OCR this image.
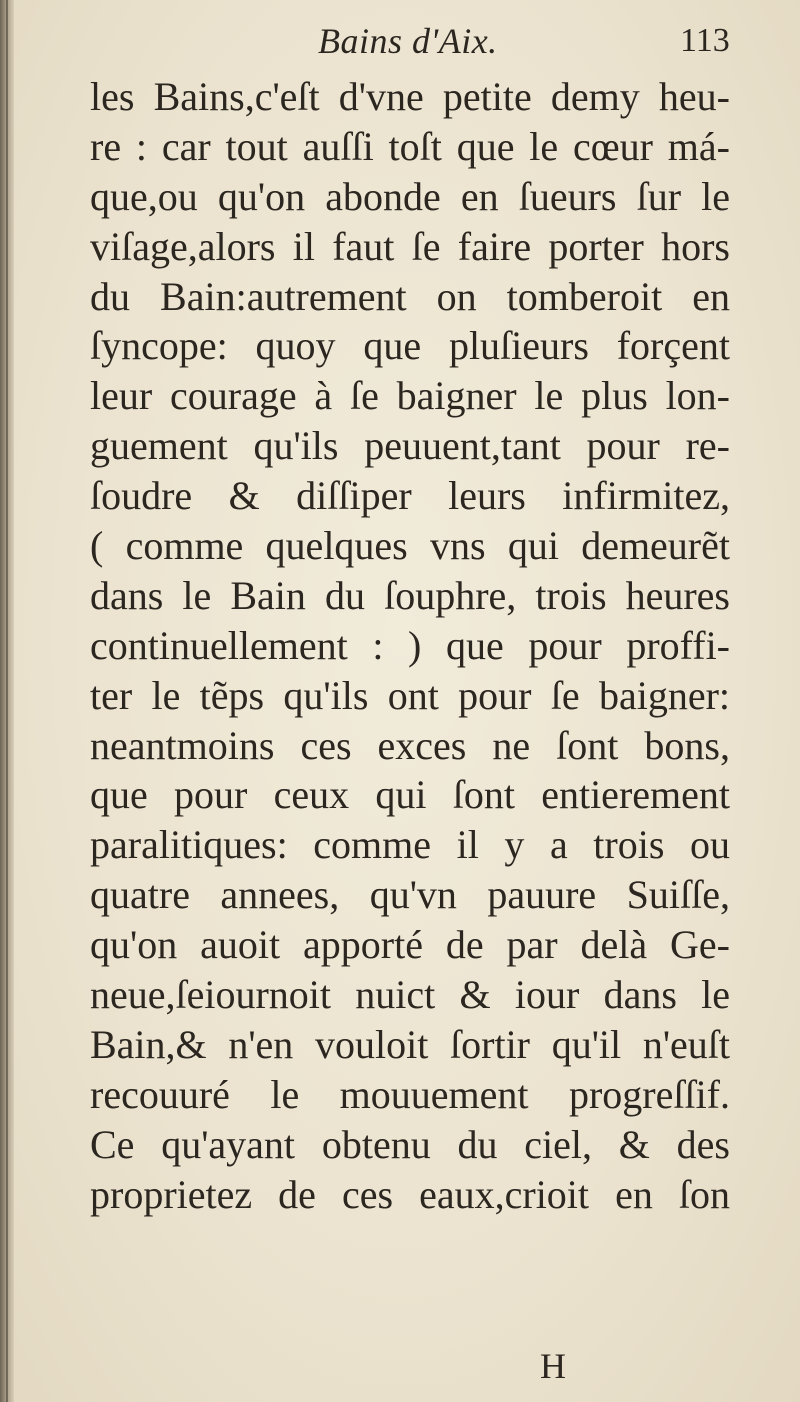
Bains d'Aix.	113
les Bains,c'eſt d'vne petite demy heu-
re : car tout auſſi toſt que le cœur má-
que,ou qu'on abonde en ſueurs ſur le
viſage,alors il faut ſe faire porter hors
du Bain:autrement on tomberoit en
ſyncope: quoy que pluſieurs forçent
leur courage à ſe baigner le plus lon-
guement qu'ils peuuent,tant pour re-
ſoudre & diſſiper leurs infirmitez,
( comme quelques vns qui demeurẽt
dans le Bain du ſouphre, trois heures
continuellement : ) que pour proffi-
ter le tẽps qu'ils ont pour ſe baigner:
neantmoins ces exces ne ſont bons,
que pour ceux qui ſont entierement
paralitiques: comme il y a trois ou
quatre annees, qu'vn pauure Suiſſe,
qu'on auoit apporté de par delà Ge-
neue,ſeiournoit nuict & iour dans le
Bain,& n'en vouloit ſortir qu'il n'euſt
recouuré le mouuement progreſſif.
Ce qu'ayant obtenu du ciel, & des
proprietez de ces eaux,crioit en ſon
H
